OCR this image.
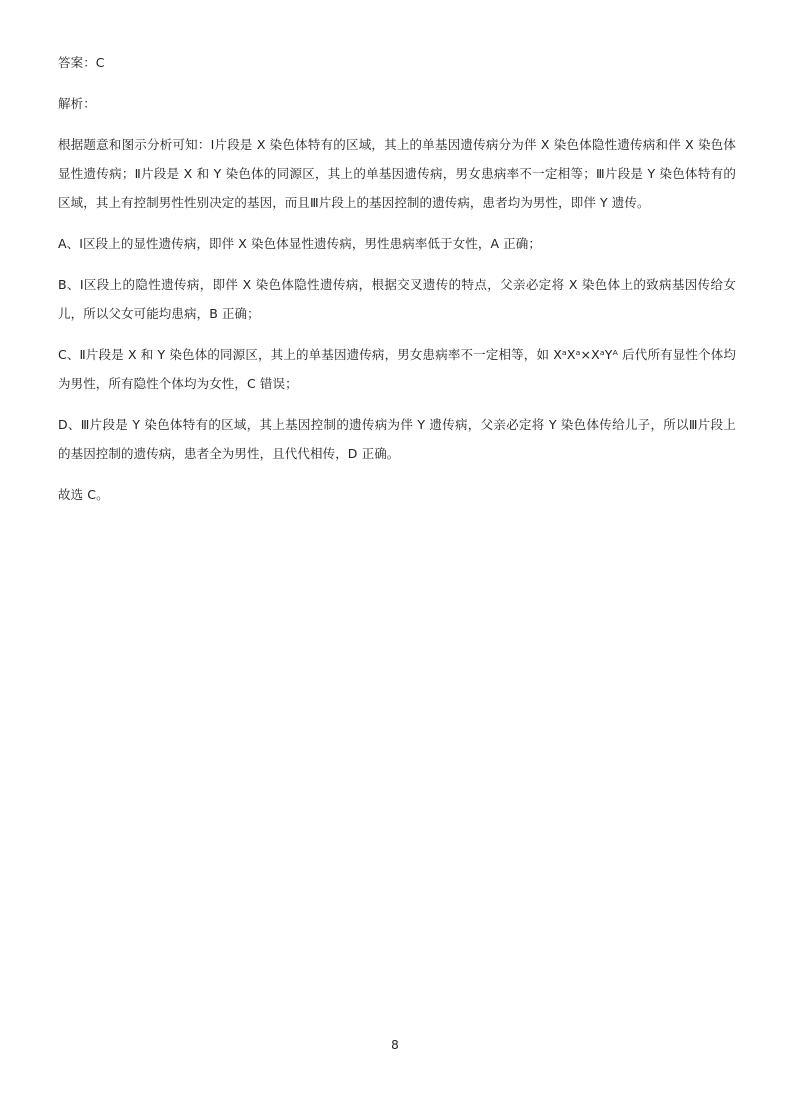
答案：C

解析：

根据题意和图示分析可知：Ⅰ片段是 X 染色体特有的区域，其上的单基因遗传病分为伴 X 染色体隐性遗传病和伴 X 染色体显性遗传病；Ⅱ片段是 X 和 Y 染色体的同源区，其上的单基因遗传病，男女患病率不一定相等；Ⅲ片段是 Y 染色体特有的区域，其上有控制男性性别决定的基因，而且Ⅲ片段上的基因控制的遗传病，患者均为男性，即伴 Y 遗传。

A、Ⅰ区段上的显性遗传病，即伴 X 染色体显性遗传病，男性患病率低于女性，A 正确；

B、Ⅰ区段上的隐性遗传病，即伴 X 染色体隐性遗传病，根据交叉遗传的特点，父亲必定将 X 染色体上的致病基因传给女儿，所以父女可能均患病，B 正确；

C、Ⅱ片段是 X 和 Y 染色体的同源区，其上的单基因遗传病，男女患病率不一定相等，如 XᵃXᵃ×XᵃYᴬ 后代所有显性个体均为男性，所有隐性个体均为女性，C 错误；

D、Ⅲ片段是 Y 染色体特有的区域，其上基因控制的遗传病为伴 Y 遗传病，父亲必定将 Y 染色体传给儿子，所以Ⅲ片段上的基因控制的遗传病，患者全为男性，且代代相传，D 正确。

故选 C。

8
